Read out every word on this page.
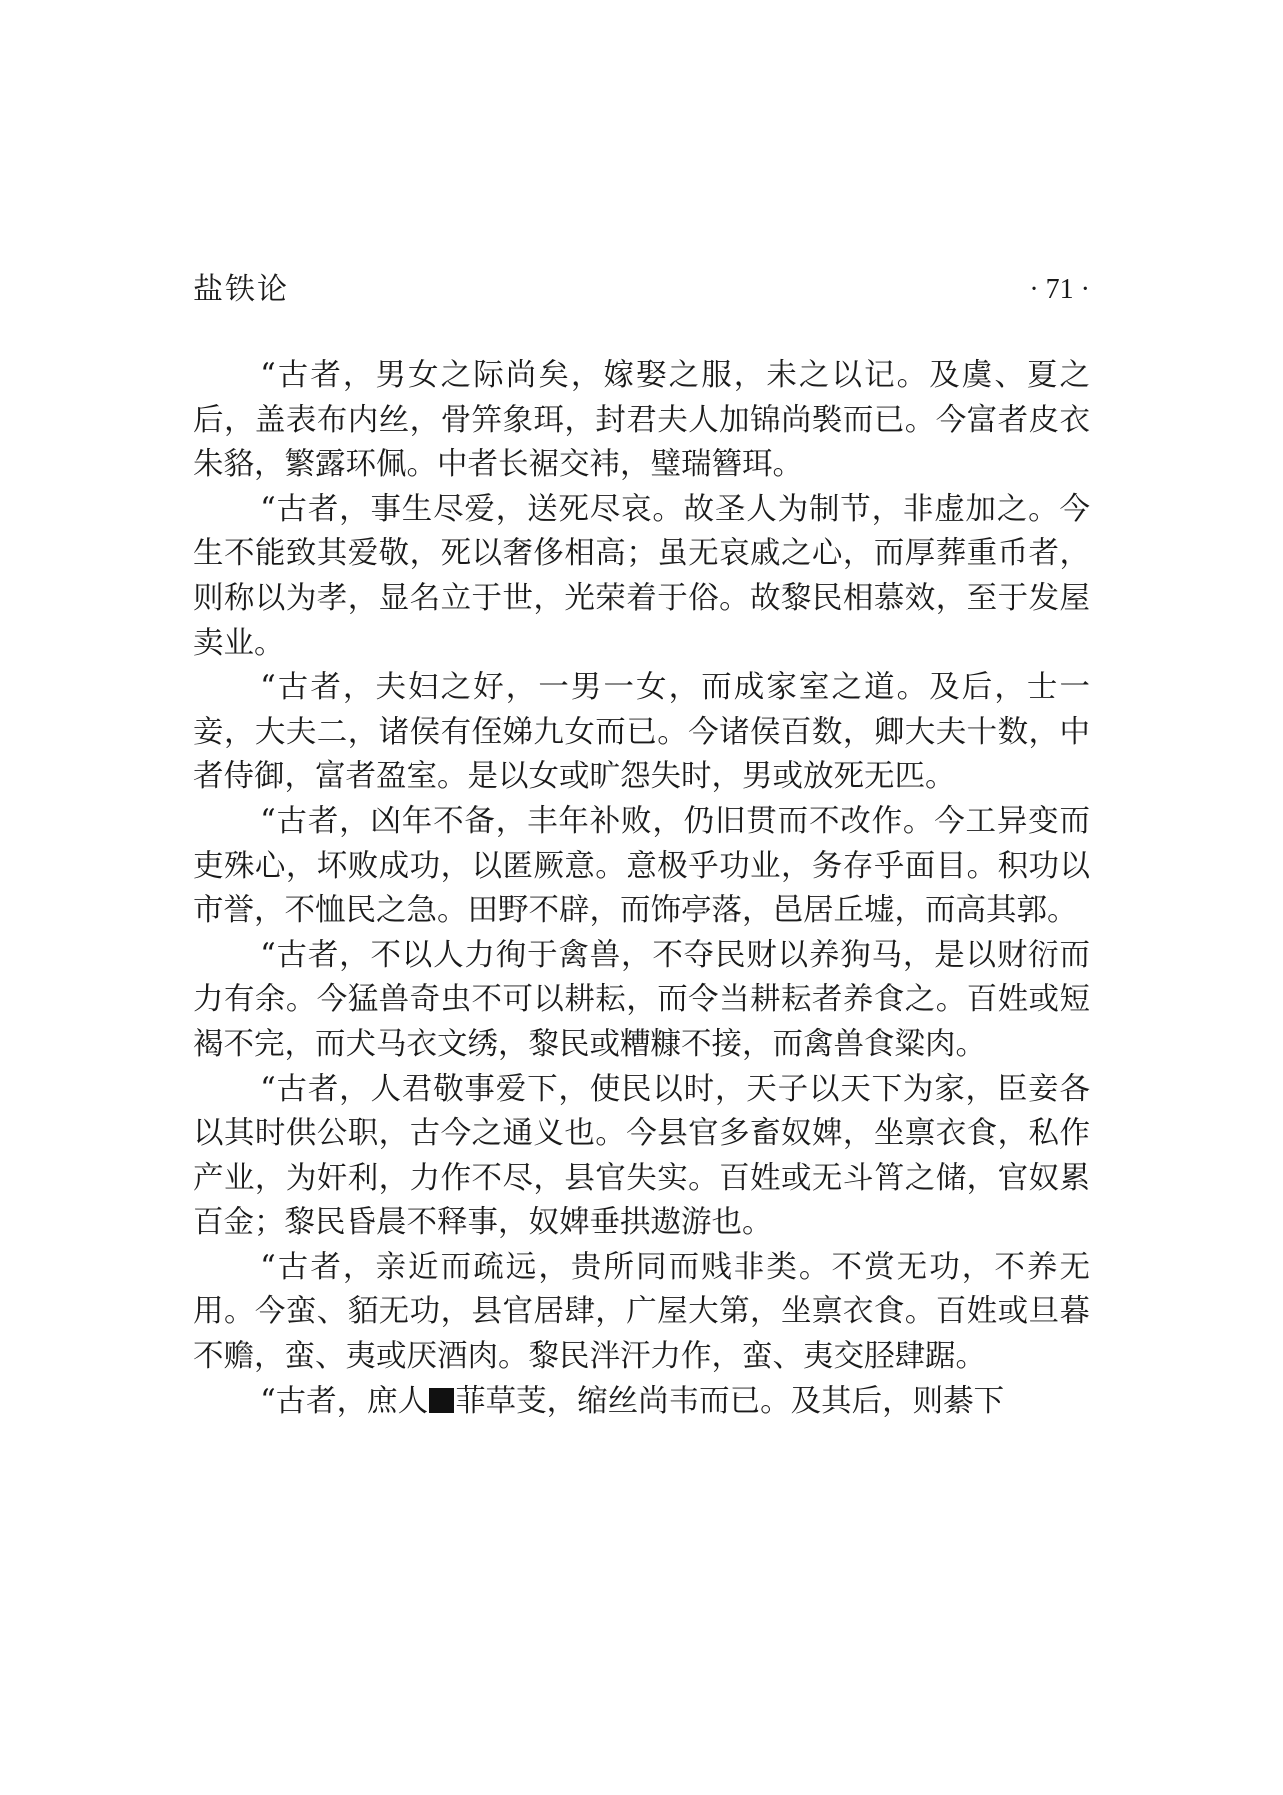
盐铁论	· 71 ·

“古者，男女之际尚矣，嫁娶之服，未之以记。及虞、夏之后，盖表布内丝，骨笄象珥，封君夫人加锦尚褧而已。今富者皮衣朱貉，繁露环佩。中者长裾交袆，璧瑞簪珥。

“古者，事生尽爱，送死尽哀。故圣人为制节，非虚加之。今生不能致其爱敬，死以奢侈相高；虽无哀戚之心，而厚葬重币者，则称以为孝，显名立于世，光荣着于俗。故黎民相慕效，至于发屋卖业。

“古者，夫妇之好，一男一女，而成家室之道。及后，士一妾，大夫二，诸侯有侄娣九女而已。今诸侯百数，卿大夫十数，中者侍御，富者盈室。是以女或旷怨失时，男或放死无匹。

“古者，凶年不备，丰年补败，仍旧贯而不改作。今工异变而吏殊心，坏败成功，以匿厥意。意极乎功业，务存乎面目。积功以市誉，不恤民之急。田野不辟，而饰亭落，邑居丘墟，而高其郭。

“古者，不以人力徇于禽兽，不夺民财以养狗马，是以财衍而力有余。今猛兽奇虫不可以耕耘，而令当耕耘者养食之。百姓或短褐不完，而犬马衣文绣，黎民或糟糠不接，而禽兽食粱肉。

“古者，人君敬事爱下，使民以时，天子以天下为家，臣妾各以其时供公职，古今之通义也。今县官多畜奴婢，坐禀衣食，私作产业，为奸利，力作不尽，县官失实。百姓或无斗筲之储，官奴累百金；黎民昏晨不释事，奴婢垂拱遨游也。

“古者，亲近而疏远，贵所同而贱非类。不赏无功，不养无用。今蛮、貊无功，县官居肆，广屋大第，坐禀衣食。百姓或旦暮不赡，蛮、夷或厌酒肉。黎民泮汗力作，蛮、夷交胫肆踞。

“古者，庶人 菲草芰，缩丝尚韦而已。及其后，则綦下
